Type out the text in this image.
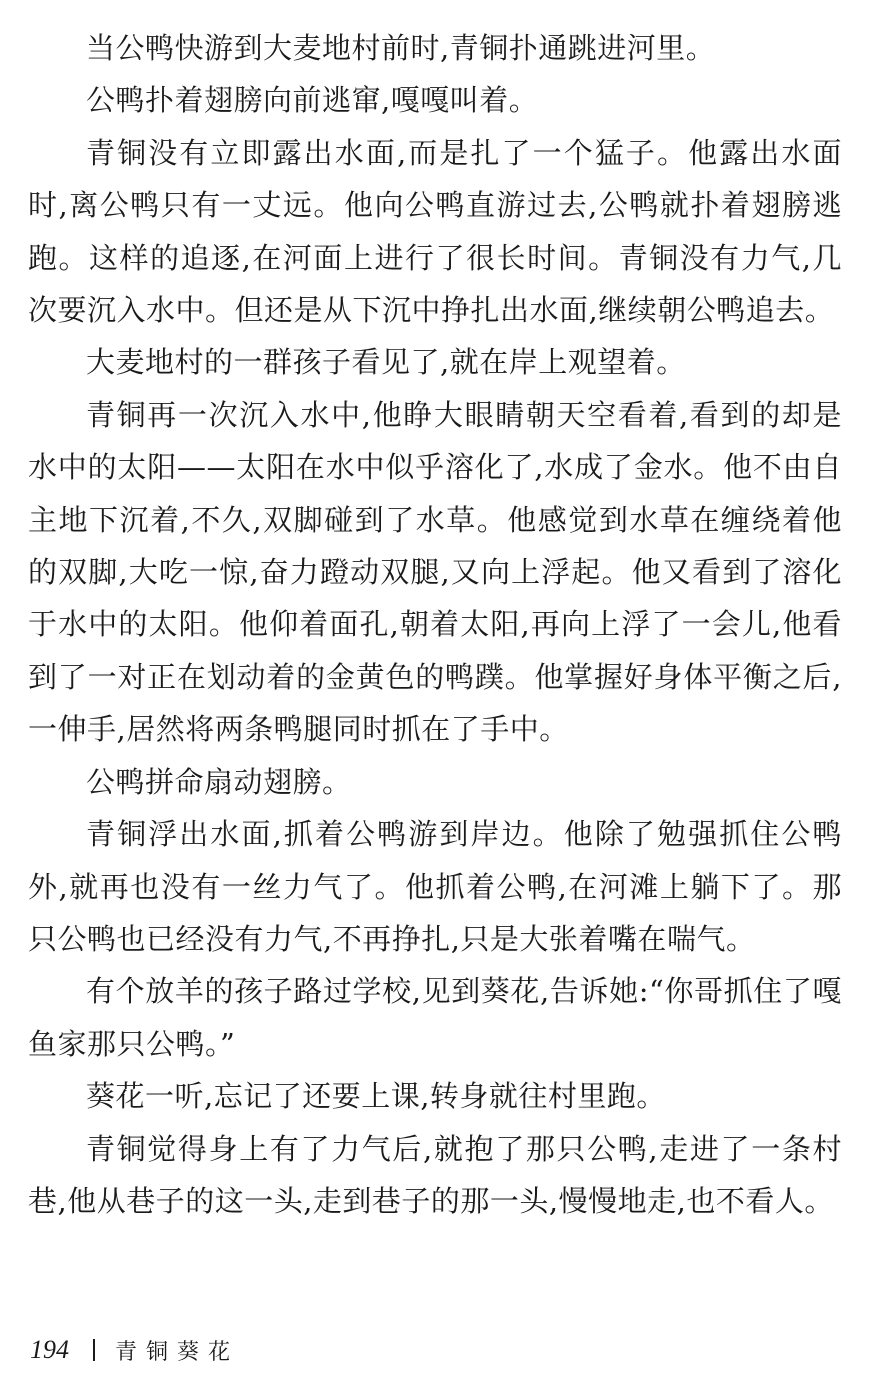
当公鸭快游到大麦地村前时,青铜扑通跳进河里。

公鸭扑着翅膀向前逃窜,嘎嘎叫着。

青铜没有立即露出水面,而是扎了一个猛子。他露出水面时,离公鸭只有一丈远。他向公鸭直游过去,公鸭就扑着翅膀逃跑。这样的追逐,在河面上进行了很长时间。青铜没有力气,几次要沉入水中。但还是从下沉中挣扎出水面,继续朝公鸭追去。

大麦地村的一群孩子看见了,就在岸上观望着。

青铜再一次沉入水中,他睁大眼睛朝天空看着,看到的却是水中的太阳——太阳在水中似乎溶化了,水成了金水。他不由自主地下沉着,不久,双脚碰到了水草。他感觉到水草在缠绕着他的双脚,大吃一惊,奋力蹬动双腿,又向上浮起。他又看到了溶化于水中的太阳。他仰着面孔,朝着太阳,再向上浮了一会儿,他看到了一对正在划动着的金黄色的鸭蹼。他掌握好身体平衡之后,一伸手,居然将两条鸭腿同时抓在了手中。

公鸭拼命扇动翅膀。

青铜浮出水面,抓着公鸭游到岸边。他除了勉强抓住公鸭外,就再也没有一丝力气了。他抓着公鸭,在河滩上躺下了。那只公鸭也已经没有力气,不再挣扎,只是大张着嘴在喘气。

有个放羊的孩子路过学校,见到葵花,告诉她:“你哥抓住了嘎鱼家那只公鸭。”

葵花一听,忘记了还要上课,转身就往村里跑。

青铜觉得身上有了力气后,就抱了那只公鸭,走进了一条村巷,他从巷子的这一头,走到巷子的那一头,慢慢地走,也不看人。

194 青铜葵花
